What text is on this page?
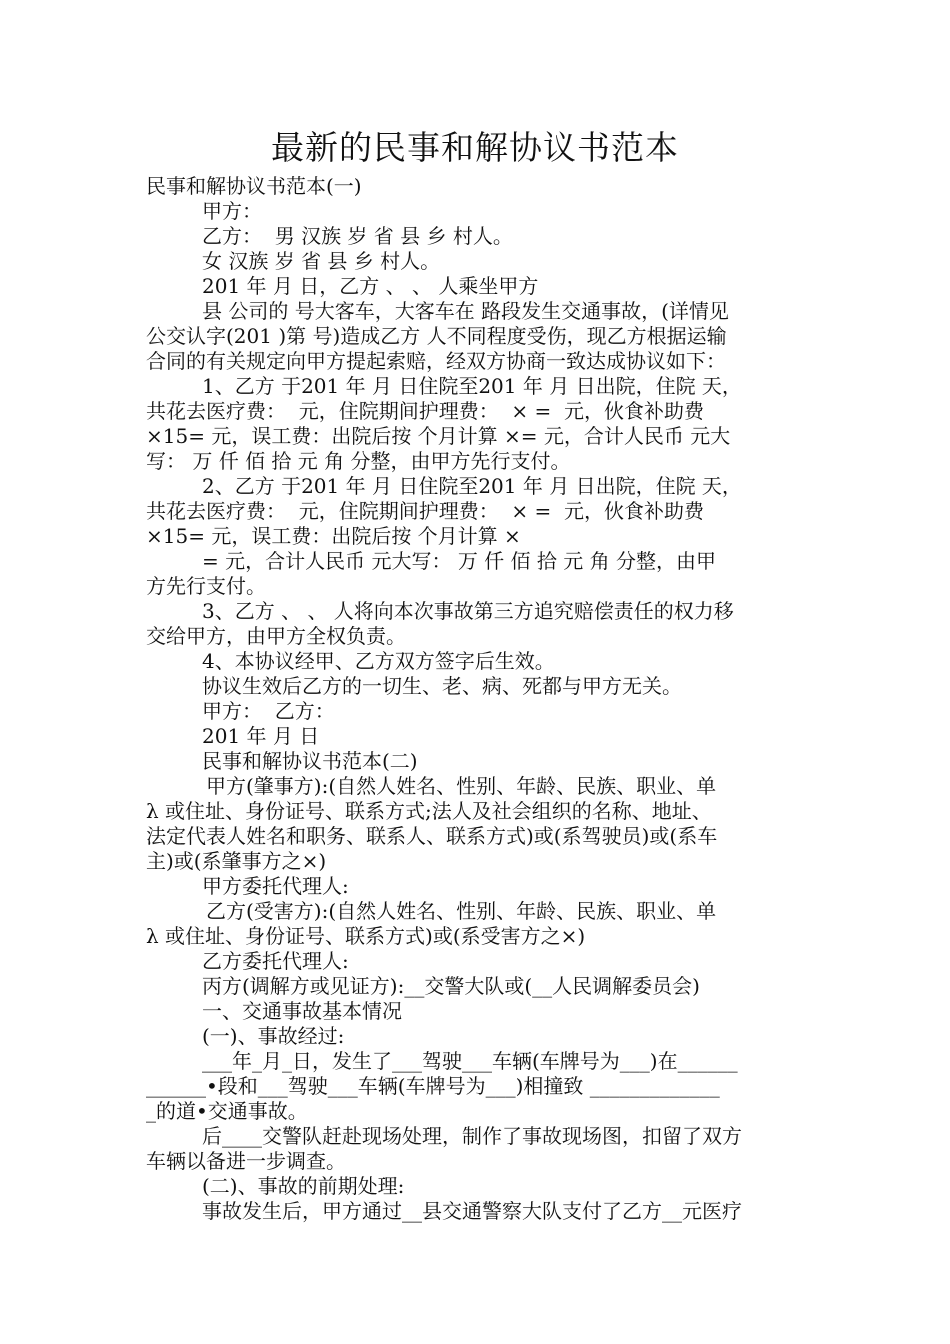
最新的民事和解协议书范本
民事和解协议书范本(一)
甲方：
乙方：  男 汉族 岁 省 县 乡 村人。
女 汉族 岁 省 县 乡 村人。
201 年 月 日，乙方 、 、 人乘坐甲方
县 公司的 号大客车，大客车在 路段发生交通事故，(详情见
公交认字(201 )第 号)造成乙方 人不同程度受伤，现乙方根据运输
合同的有关规定向甲方提起索赔，经双方协商一致达成协议如下：
1、乙方 于201 年 月 日住院至201 年 月 日出院，住院 天，
共花去医疗费：  元，住院期间护理费：  × =  元，伙食补助费
×15= 元，误工费：出院后按 个月计算 ×= 元，合计人民币 元大
写： 万 仟 佰 拾 元 角 分整，由甲方先行支付。
2、乙方 于201 年 月 日住院至201 年 月 日出院，住院 天，
共花去医疗费：  元，住院期间护理费：  × =  元，伙食补助费
×15= 元，误工费：出院后按 个月计算 ×
= 元，合计人民币 元大写： 万 仟 佰 拾 元 角 分整，由甲
方先行支付。
3、乙方 、 、 人将向本次事故第三方追究赔偿责任的权力移
交给甲方，由甲方全权负责。
4、本协议经甲、乙方双方签字后生效。
协议生效后乙方的一切生、老、病、死都与甲方无关。
甲方：  乙方：
201 年 月 日
民事和解协议书范本(二)
甲方(肇事方):(自然人姓名、性别、年龄、民族、职业、单
λ 或住址、身份证号、联系方式;法人及社会组织的名称、地址、
法定代表人姓名和职务、联系人、联系方式)或(系驾驶员)或(系车
主)或(系肇事方之×)
甲方委托代理人:
乙方(受害方):(自然人姓名、性别、年龄、民族、职业、单
λ 或住址、身份证号、联系方式)或(系受害方之×)
乙方委托代理人:
丙方(调解方或见证方):__交警大队或(__人民调解委员会)
一、交通事故基本情况
(一)、事故经过:
___年_月_日，发生了___驾驶___车辆(车牌号为___)在______
______•段和___驾驶___车辆(车牌号为___)相撞致 _____________
_的道•交通事故。
后____交警队赶赴现场处理，制作了事故现场图，扣留了双方
车辆以备进一步调查。
(二)、事故的前期处理:
事故发生后，甲方通过__县交通警察大队支付了乙方__元医疗
